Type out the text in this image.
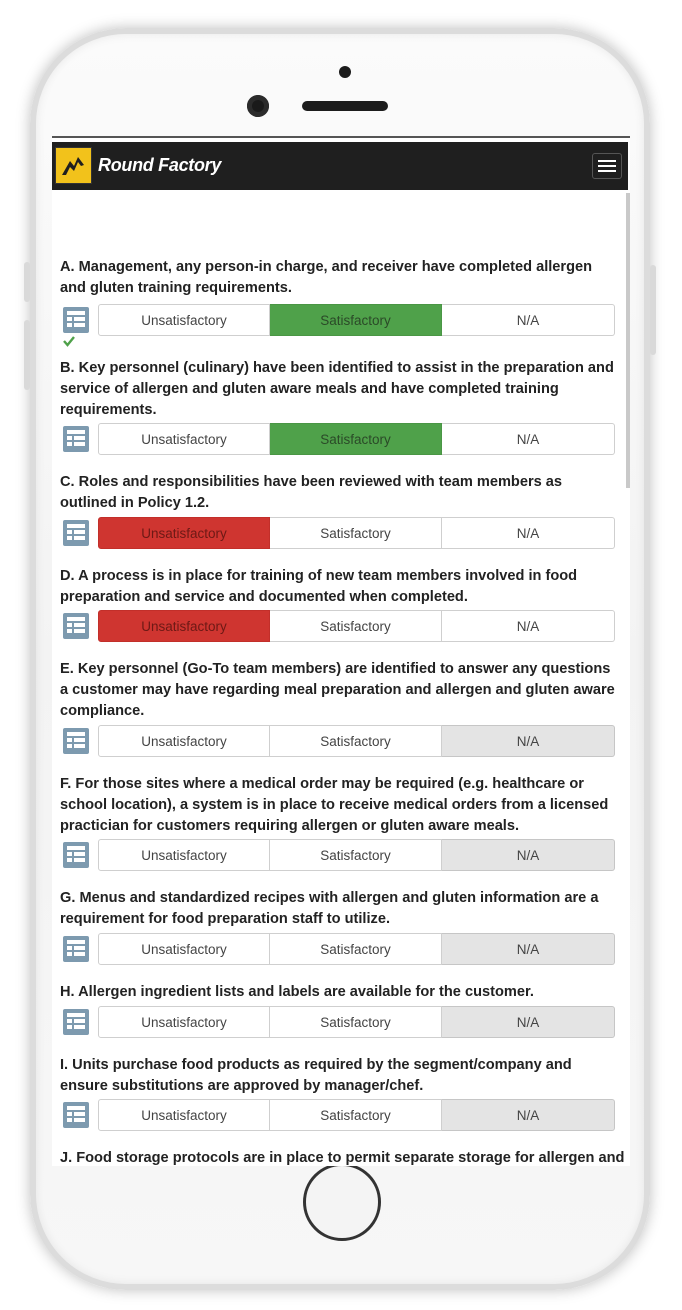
A. Management, any person-in charge, and receiver have completed allergen and gluten training requirements.
Unsatisfactory	Satisfactory	N/A
B. Key personnel (culinary) have been identified to assist in the preparation and service of allergen and gluten aware meals and have completed training requirements.
Unsatisfactory	Satisfactory	N/A
C. Roles and responsibilities have been reviewed with team members as outlined in Policy 1.2.
Unsatisfactory	Satisfactory	N/A
D. A process is in place for training of new team members involved in food preparation and service and documented when completed.
Unsatisfactory	Satisfactory	N/A
E. Key personnel (Go-To team members) are identified to answer any questions a customer may have regarding meal preparation and allergen and gluten aware compliance.
Unsatisfactory	Satisfactory	N/A
F. For those sites where a medical order may be required (e.g. healthcare or school location), a system is in place to receive medical orders from a licensed practician for customers requiring allergen or gluten aware meals.
Unsatisfactory	Satisfactory	N/A
G. Menus and standardized recipes with allergen and gluten information are a requirement for food preparation staff to utilize.
Unsatisfactory	Satisfactory	N/A
H. Allergen ingredient lists and labels are available for the customer.
Unsatisfactory	Satisfactory	N/A
I. Units purchase food products as required by the segment/company and ensure substitutions are approved by manager/chef.
Unsatisfactory	Satisfactory	N/A
J. Food storage protocols are in place to permit separate storage for allergen and
Round Factory
